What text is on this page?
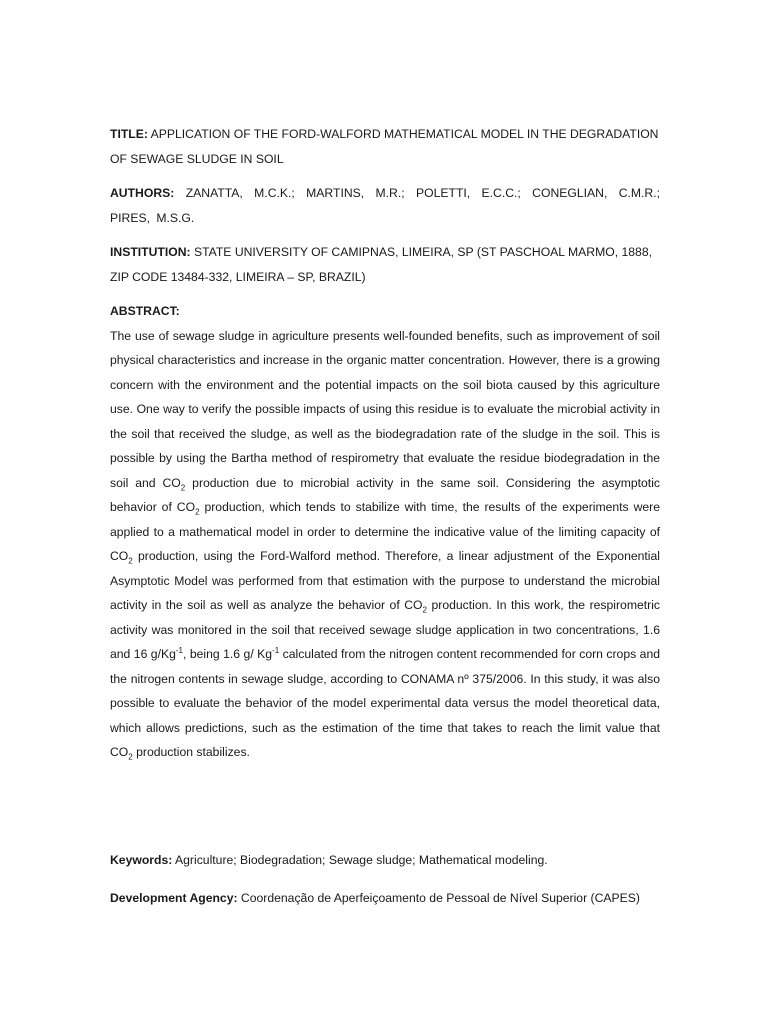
TITLE: APPLICATION OF THE FORD-WALFORD MATHEMATICAL MODEL IN THE DEGRADATION OF SEWAGE SLUDGE IN SOIL

AUTHORS: ZANATTA, M.C.K.; MARTINS, M.R.; POLETTI, E.C.C.; CONEGLIAN, C.M.R.; PIRES, M.S.G.

INSTITUTION: STATE UNIVERSITY OF CAMIPNAS, LIMEIRA, SP (ST PASCHOAL MARMO, 1888, ZIP CODE 13484-332, LIMEIRA – SP, BRAZIL)

ABSTRACT:

The use of sewage sludge in agriculture presents well-founded benefits, such as improvement of soil physical characteristics and increase in the organic matter concentration. However, there is a growing concern with the environment and the potential impacts on the soil biota caused by this agriculture use. One way to verify the possible impacts of using this residue is to evaluate the microbial activity in the soil that received the sludge, as well as the biodegradation rate of the sludge in the soil. This is possible by using the Bartha method of respirometry that evaluate the residue biodegradation in the soil and $CO_2$ production due to microbial activity in the same soil. Considering the asymptotic behavior of $CO_2$ production, which tends to stabilize with time, the results of the experiments were applied to a mathematical model in order to determine the indicative value of the limiting capacity of $CO_2$ production, using the Ford-Walford method. Therefore, a linear adjustment of the Exponential Asymptotic Model was performed from that estimation with the purpose to understand the microbial activity in the soil as well as analyze the behavior of $CO_2$ production. In this work, the respirometric activity was monitored in the soil that received sewage sludge application in two concentrations, 1.6 and 16 $g/Kg^{-1}$, being 1.6 g/ $Kg^{-1}$ calculated from the nitrogen content recommended for corn crops and the nitrogen contents in sewage sludge, according to CONAMA nº 375/2006. In this study, it was also possible to evaluate the behavior of the model experimental data versus the model theoretical data, which allows predictions, such as the estimation of the time that takes to reach the limit value that $CO_2$ production stabilizes.

Keywords: Agriculture; Biodegradation; Sewage sludge; Mathematical modeling.

Development Agency: Coordenação de Aperfeiçoamento de Pessoal de Nível Superior (CAPES)
